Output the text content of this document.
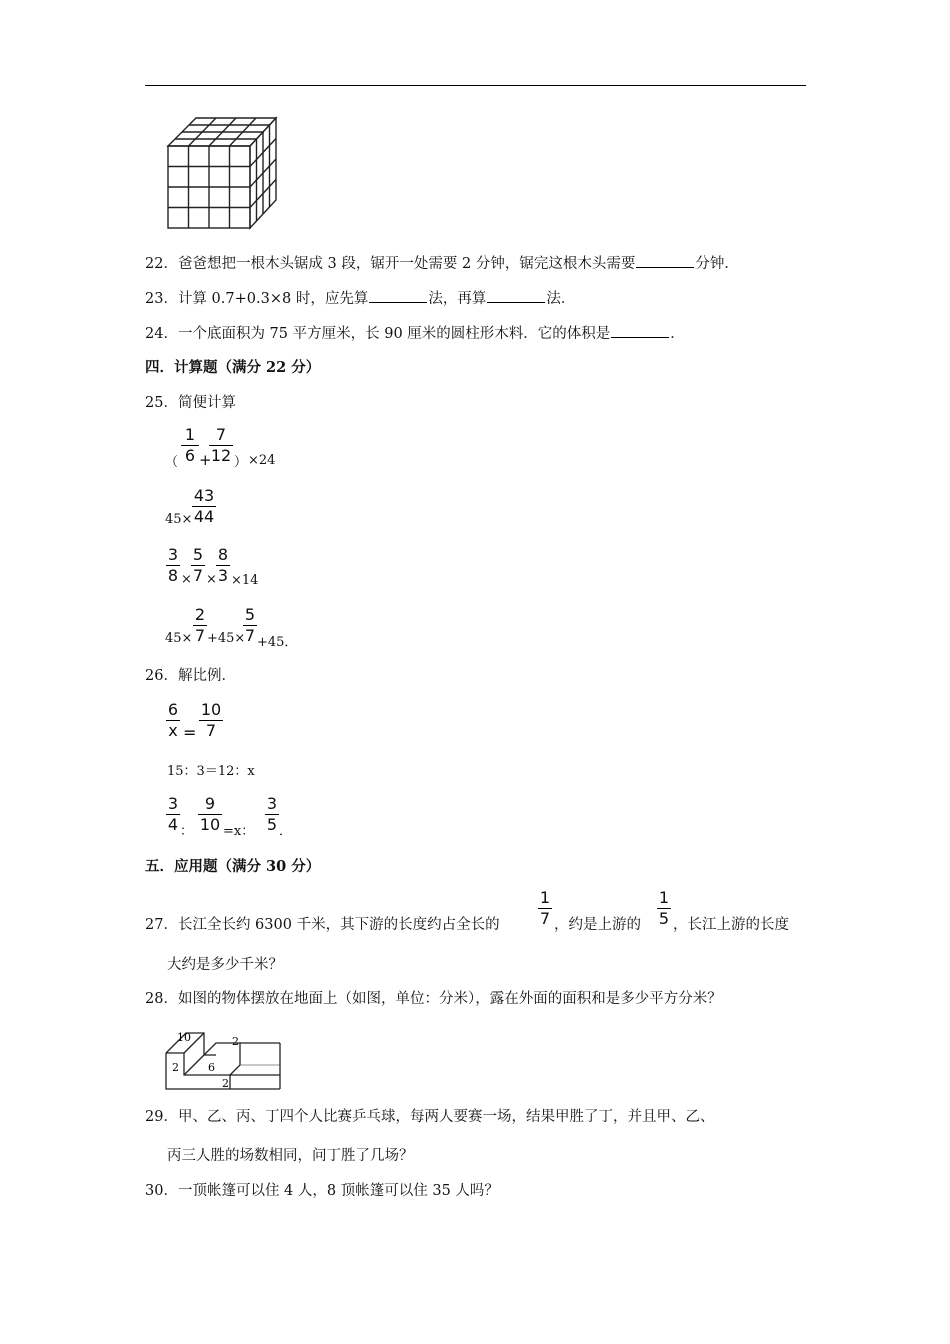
22．爸爸想把一根木头锯成 3 段，锯开一处需要 2 分钟，锯完这根木头需要	分钟．
23．计算 0.7+0.3×8 时，应先算	法，再算	法．
24．一个底面积为 75 平方厘米，长 90 厘米的圆柱形木料．它的体积是	．
四．计算题（满分 22 分）
25．简便计算
（
1
6 +
7
12 ） ×24
45×
43
44
3
8 ×
5
7 ×
8
3 ×14
45×
2
7 +45×
5
7 +45．
26．解比例．
6
x =
10
7
15：3＝12：x
3
4 ：
9
10 =x：
3
5 ．
五．应用题（满分 30 分）
27．长江全长约 6300 千米，其下游的长度约占全长的
1
7 ，约是上游的
1
5 ，长江上游的长度
大约是多少千米？
28．如图的物体摆放在地面上（如图，单位：分米），露在外面的面积和是多少平方分米？
10	2
2	6
2
29．甲、乙、丙、丁四个人比赛乒乓球，每两人要赛一场，结果甲胜了丁，并且甲、乙、
丙三人胜的场数相同，问丁胜了几场？
30．一顶帐篷可以住 4 人，8 顶帐篷可以住 35 人吗？
